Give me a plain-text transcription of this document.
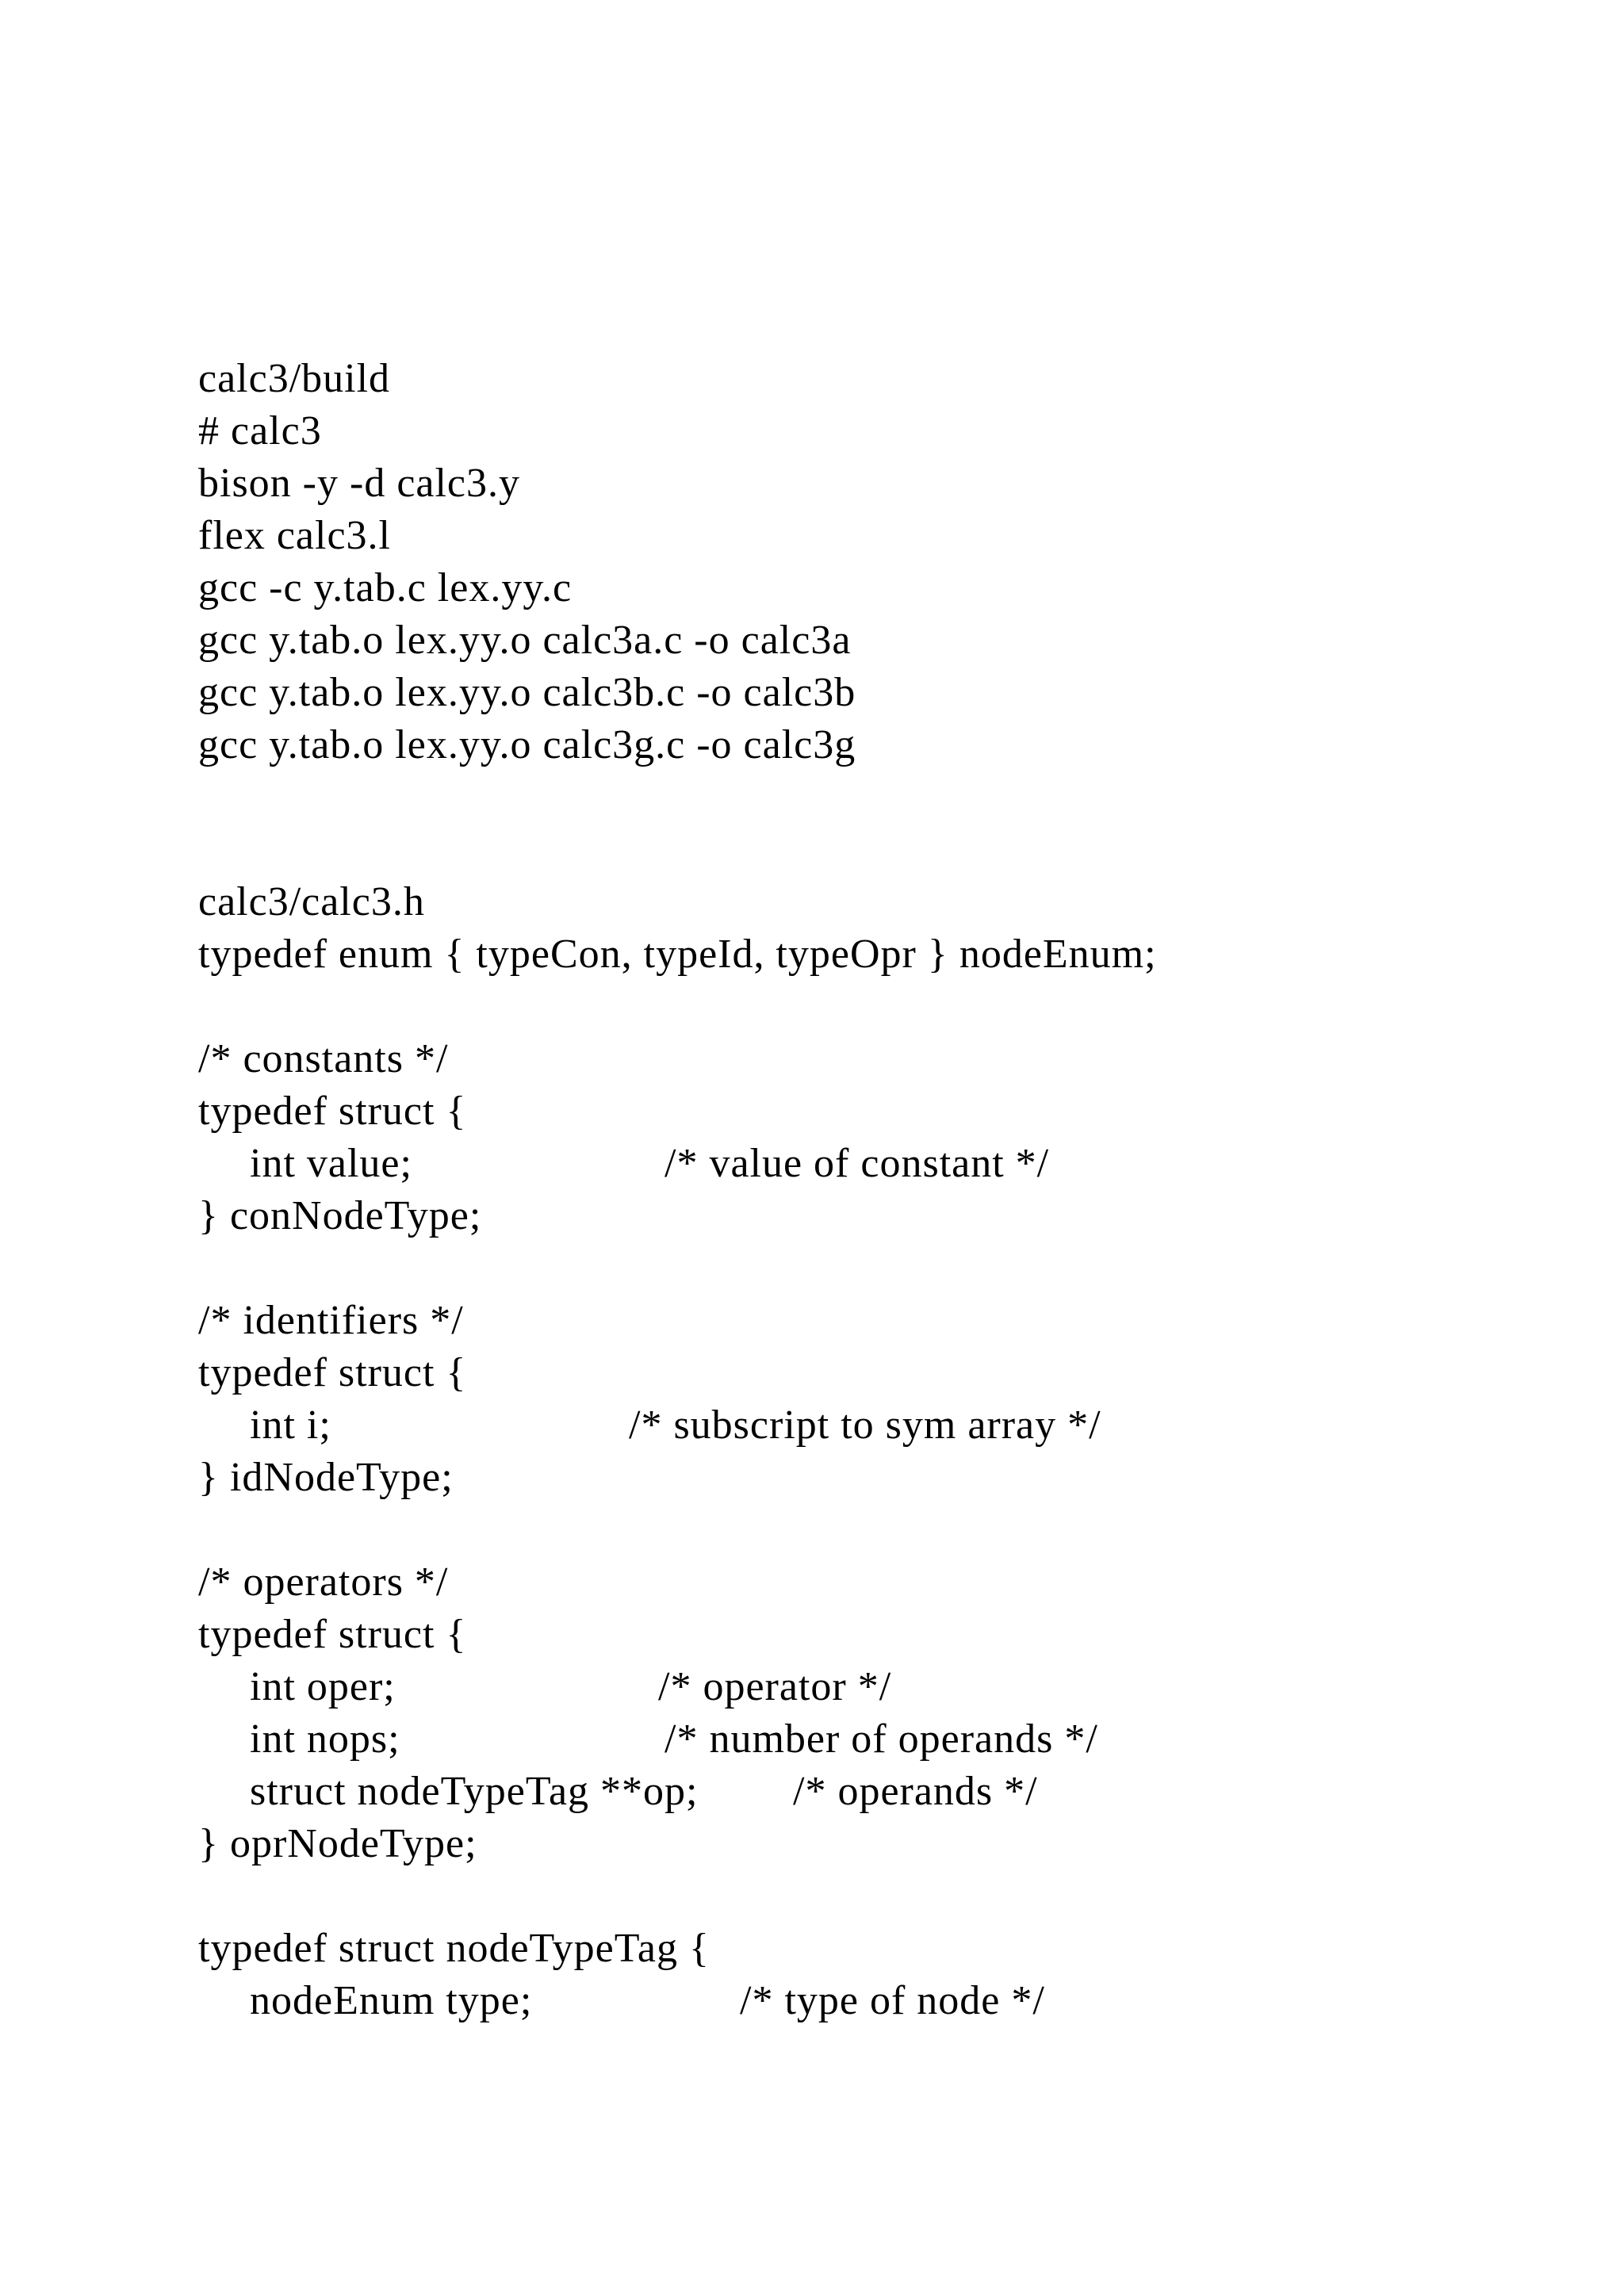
calc3/build
# calc3
bison -y -d calc3.y
flex calc3.l
gcc -c y.tab.c lex.yy.c
gcc y.tab.o lex.yy.o calc3a.c -o calc3a
gcc y.tab.o lex.yy.o calc3b.c -o calc3b
gcc y.tab.o lex.yy.o calc3g.c -o calc3g
calc3/calc3.h
typedef enum { typeCon, typeId, typeOpr } nodeEnum;
/* constants */
typedef struct {
int value;	/* value of constant */
} conNodeType;
/* identifiers */
typedef struct {
int i;	/* subscript to sym array */
} idNodeType;
/* operators */
typedef struct {
int oper;	/* operator */
int nops;	/* number of operands */
struct nodeTypeTag **op; /* operands */
} oprNodeType;
typedef struct nodeTypeTag {
nodeEnum type;	/* type of node */
